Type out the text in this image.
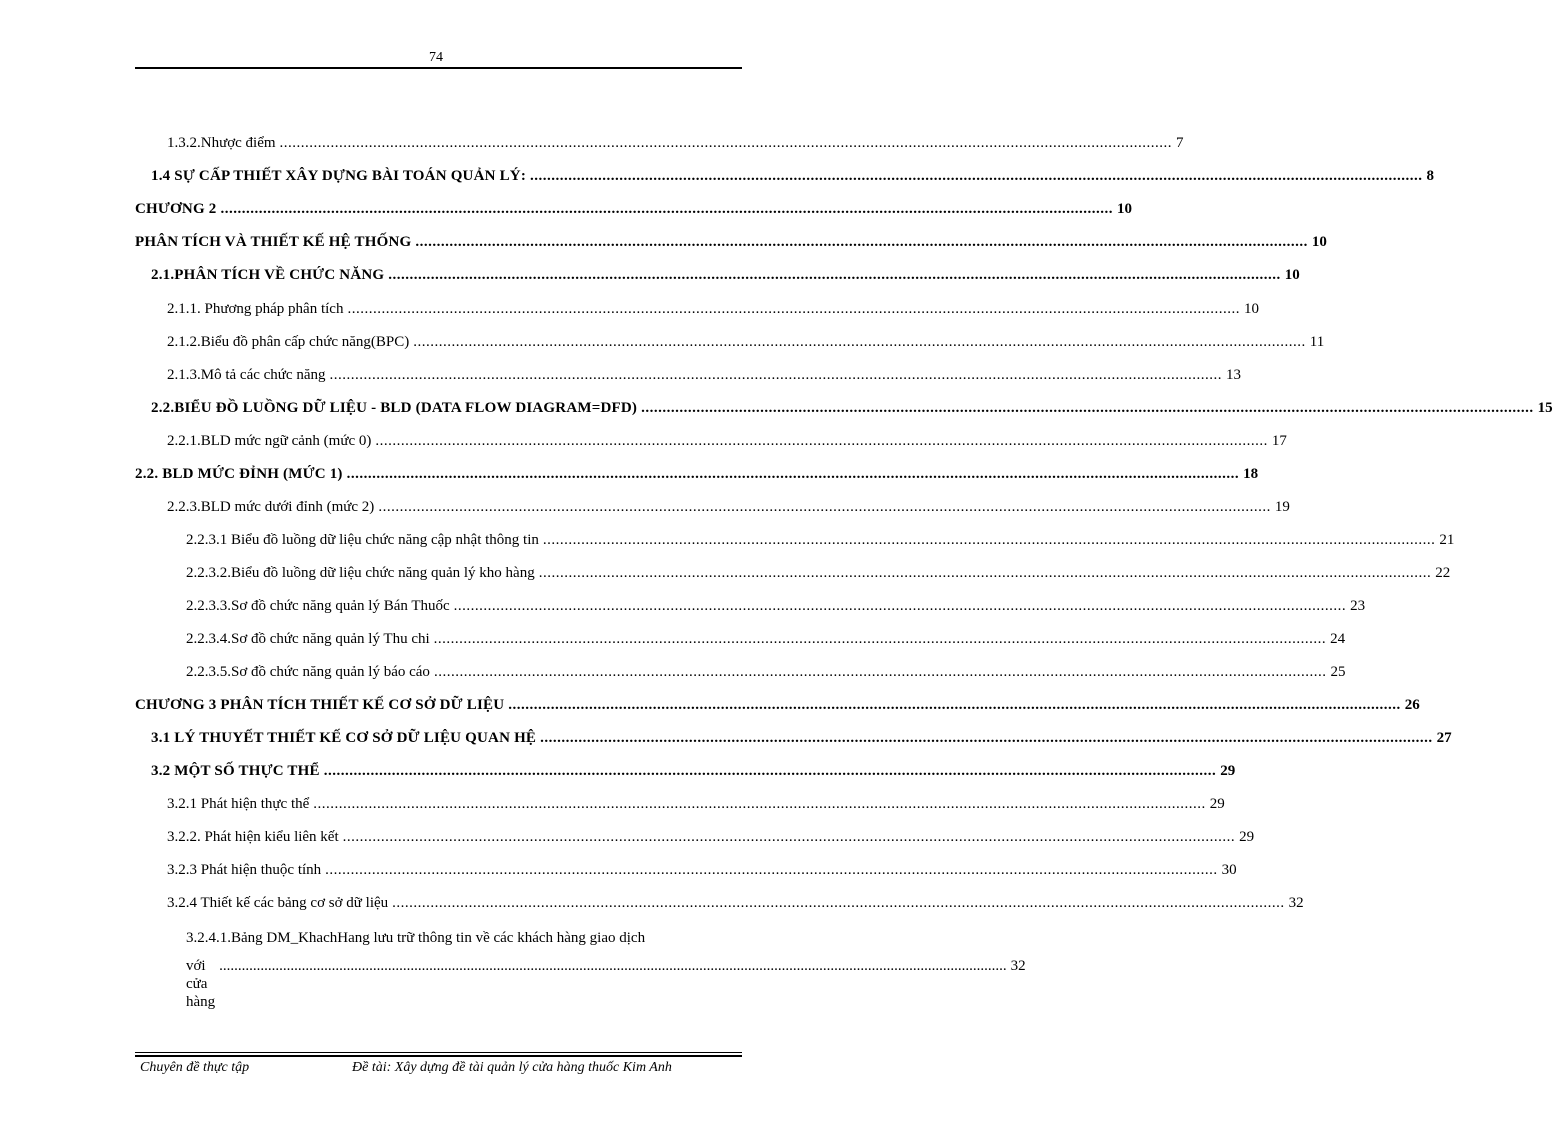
74
1.3.2.Nhược điểm .................................................................................................................................................................................................................. 7
1.4 SỰ CẤP THIẾT XÂY DỰNG BÀI TOÁN QUẢN LÝ: .................................................................................................................................................................................................................. 8
CHƯƠNG 2 .................................................................................................................................................................................................................. 10
PHÂN TÍCH VÀ THIẾT KẾ HỆ THỐNG .................................................................................................................................................................................................................. 10
2.1.PHÂN TÍCH VỀ CHỨC NĂNG .................................................................................................................................................................................................................. 10
2.1.1. Phương pháp phân tích .................................................................................................................................................................................................................. 10
2.1.2.Biểu đồ phân cấp chức năng(BPC) .................................................................................................................................................................................................................. 11
2.1.3.Mô tả các chức năng .................................................................................................................................................................................................................. 13
2.2.BIỂU ĐỒ LUỒNG DỮ LIỆU - BLD (DATA FLOW DIAGRAM=DFD) .................................................................................................................................................................................................................. 15
2.2.1.BLD mức ngữ cảnh (mức 0) .................................................................................................................................................................................................................. 17
2.2. BLD MỨC ĐỈNH (MỨC 1) .................................................................................................................................................................................................................. 18
2.2.3.BLD mức dưới đỉnh (mức 2) .................................................................................................................................................................................................................. 19
2.2.3.1 Biểu đồ luồng dữ liệu chức năng cập nhật thông tin .................................................................................................................................................................................................................. 21
2.2.3.2.Biểu đồ luồng dữ liệu chức năng quản lý kho hàng .................................................................................................................................................................................................................. 22
2.2.3.3.Sơ đồ chức năng quản lý Bán Thuốc .................................................................................................................................................................................................................. 23
2.2.3.4.Sơ đồ chức năng quản lý Thu chi .................................................................................................................................................................................................................. 24
2.2.3.5.Sơ đồ chức năng quản lý báo cáo .................................................................................................................................................................................................................. 25
CHƯƠNG 3 PHÂN TÍCH THIẾT KẾ CƠ SỞ DỮ LIỆU .................................................................................................................................................................................................................. 26
3.1 LÝ THUYẾT THIẾT KẾ CƠ SỞ DỮ LIỆU QUAN HỆ .................................................................................................................................................................................................................. 27
3.2 MỘT SỐ THỰC THỂ .................................................................................................................................................................................................................. 29
3.2.1 Phát hiện thực thể .................................................................................................................................................................................................................. 29
3.2.2. Phát hiện kiểu liên kết .................................................................................................................................................................................................................. 29
3.2.3 Phát hiện thuộc tính .................................................................................................................................................................................................................. 30
3.2.4 Thiết kế các bảng cơ sở dữ liệu .................................................................................................................................................................................................................. 32
3.2.4.1.Bảng DM_KhachHang lưu trữ thông tin về các khách hàng giao dịch
với cửa hàng
.................................................................................................................................................................................................................. 32
Chuyên đề thực tập	Đề tài: Xây dựng đề tài quản lý cửa hàng thuốc Kim Anh
